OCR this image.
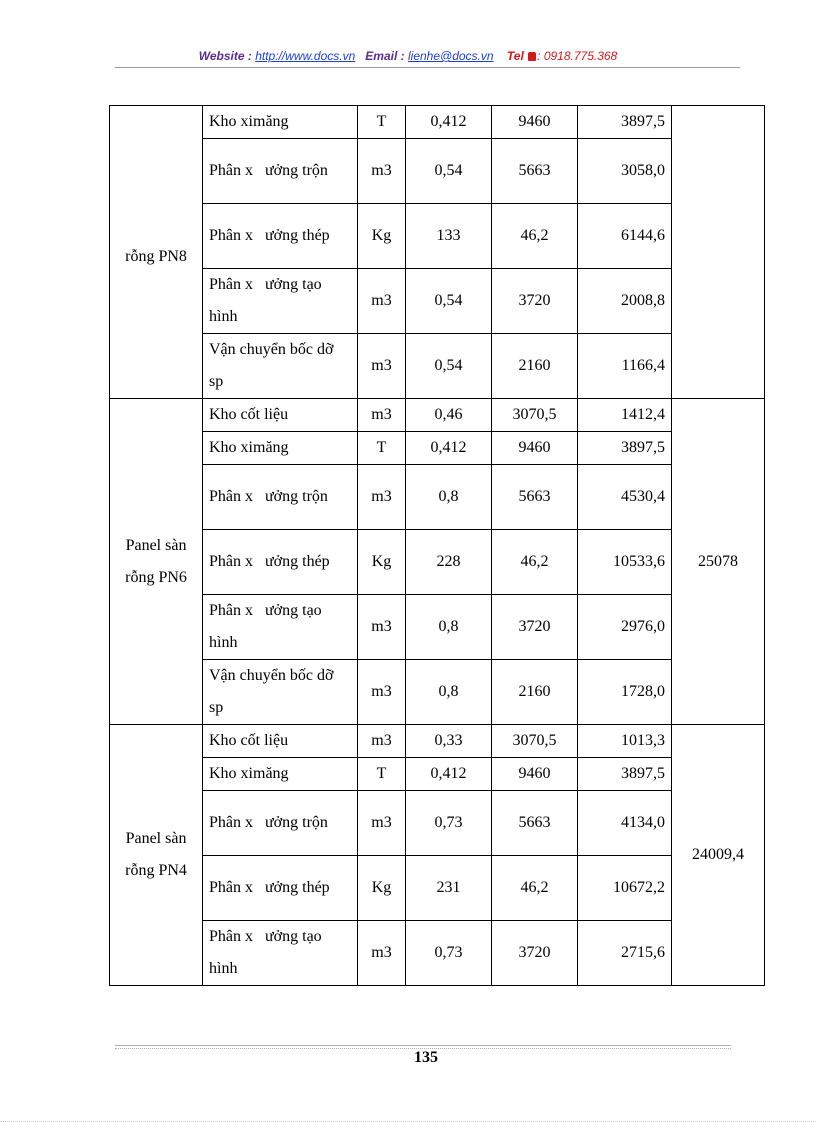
Website : http://www.docs.vn Email : lienhe@docs.vn Tel : 0918.775.368
rỗng PN8	Kho ximăng	T	0,412	9460	3897,5	
	Phân x   ưởng trộn	m3	0,54	5663	3058,0	
	Phân x   ưởng thép	Kg	133	46,2	6144,6	
	Phân x   ưởng tạo hình	m3	0,54	3720	2008,8	
	Vận chuyển bốc dỡ sp	m3	0,54	2160	1166,4	
Panel sàn rỗng PN6	Kho cốt liệu	m3	0,46	3070,5	1412,4	25078
	Kho ximăng	T	0,412	9460	3897,5	
	Phân x   ưởng trộn	m3	0,8	5663	4530,4	
	Phân x   ưởng thép	Kg	228	46,2	10533,6	
	Phân x   ưởng tạo hình	m3	0,8	3720	2976,0	
	Vận chuyển bốc dỡ sp	m3	0,8	2160	1728,0	
Panel sàn rỗng PN4	Kho cốt liệu	m3	0,33	3070,5	1013,3	24009,4
	Kho ximăng	T	0,412	9460	3897,5	
	Phân x   ưởng trộn	m3	0,73	5663	4134,0	
	Phân x   ưởng thép	Kg	231	46,2	10672,2	
	Phân x   ưởng tạo hình	m3	0,73	3720	2715,6	
135
